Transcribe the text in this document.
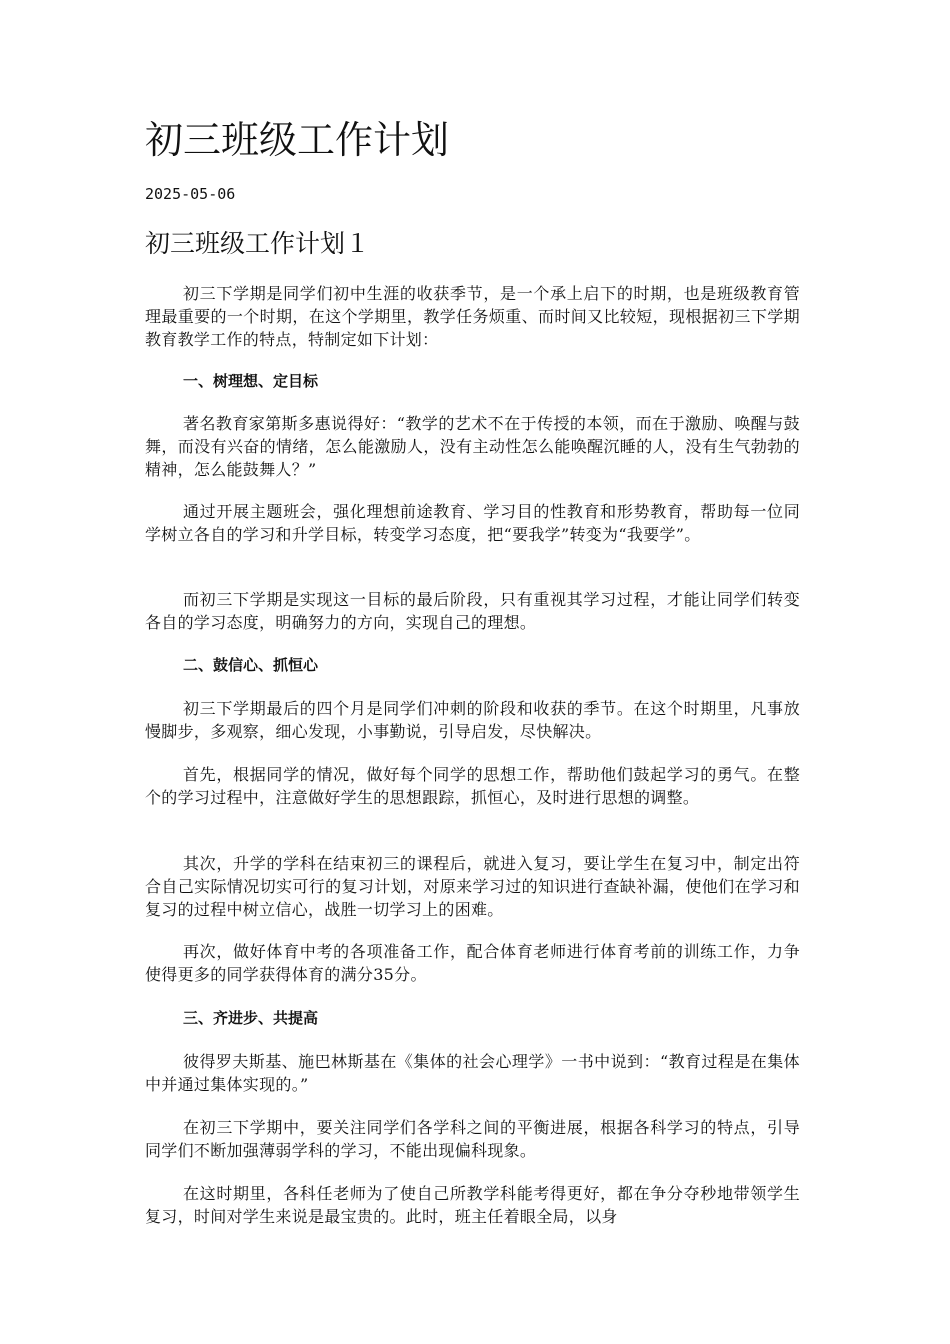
初三班级工作计划
2025-05-06
初三班级工作计划１

初三下学期是同学们初中生涯的收获季节，是一个承上启下的时期，也是班级教育管理最重要的一个时期，在这个学期里，教学任务烦重、而时间又比较短，现根据初三下学期教育教学工作的特点，特制定如下计划：

一、树理想、定目标

著名教育家第斯多惠说得好：“教学的艺术不在于传授的本领，而在于激励、唤醒与鼓舞，而没有兴奋的情绪，怎么能激励人，没有主动性怎么能唤醒沉睡的人，没有生气勃勃的精神，怎么能鼓舞人？”

通过开展主题班会，强化理想前途教育、学习目的性教育和形势教育，帮助每一位同学树立各自的学习和升学目标，转变学习态度，把“要我学”转变为“我要学”。

而初三下学期是实现这一目标的最后阶段，只有重视其学习过程，才能让同学们转变各自的学习态度，明确努力的方向，实现自己的理想。

二、鼓信心、抓恒心

初三下学期最后的四个月是同学们冲刺的阶段和收获的季节。在这个时期里，凡事放慢脚步，多观察，细心发现，小事勤说，引导启发，尽快解决。

首先，根据同学的情况，做好每个同学的思想工作，帮助他们鼓起学习的勇气。在整个的学习过程中，注意做好学生的思想跟踪，抓恒心，及时进行思想的调整。

其次，升学的学科在结束初三的课程后，就进入复习，要让学生在复习中，制定出符合自己实际情况切实可行的复习计划，对原来学习过的知识进行查缺补漏，使他们在学习和复习的过程中树立信心，战胜一切学习上的困难。

再次，做好体育中考的各项准备工作，配合体育老师进行体育考前的训练工作，力争使得更多的同学获得体育的满分35分。

三、齐进步、共提高

彼得罗夫斯基、施巴林斯基在《集体的社会心理学》一书中说到：“教育过程是在集体中并通过集体实现的。”

在初三下学期中，要关注同学们各学科之间的平衡进展，根据各科学习的特点，引导同学们不断加强薄弱学科的学习，不能出现偏科现象。

在这时期里，各科任老师为了使自己所教学科能考得更好，都在争分夺秒地带领学生复习，时间对学生来说是最宝贵的。此时，班主任着眼全局，以身
